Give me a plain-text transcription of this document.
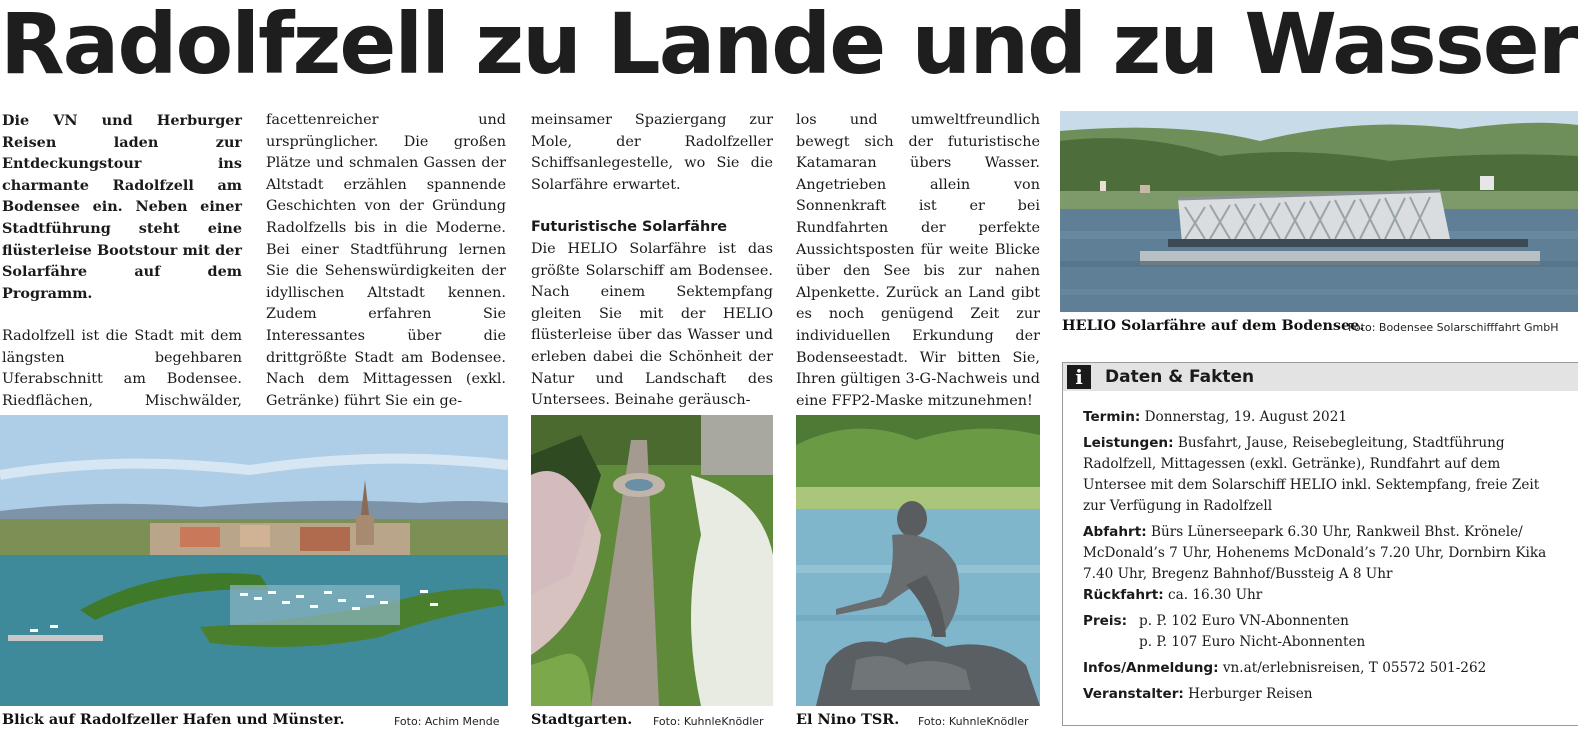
Radolfzell zu Lande und zu Wasser

Die VN und Herburger Reisen laden zur Entdeckungstour ins charmante Radolfzell am Bodensee ein. Neben einer Stadtführung steht eine flüsterleise Bootstour mit der Solarfähre auf dem Programm.

Radolfzell ist die Stadt mit dem längsten begehbaren Uferabschnitt am Bodensee. Riedflächen, Mischwälder,

facettenreicher und ursprünglicher. Die großen Plätze und schmalen Gassen der Altstadt erzählen spannende Geschichten von der Gründung Radolfzells bis in die Moderne. Bei einer Stadtführung lernen Sie die Sehenswürdigkeiten der idyllischen Altstadt kennen. Zudem erfahren Sie Interessantes über die drittgrößte Stadt am Bodensee. Nach dem Mittagessen (exkl. Getränke) führt Sie ein ge-

meinsamer Spaziergang zur Mole, der Radolfzeller Schiffsanlegestelle, wo Sie die Solarfähre erwartet.

Futuristische Solarfähre

Die HELIO Solarfähre ist das größte Solarschiff am Bodensee. Nach einem Sektempfang gleiten Sie mit der HELIO flüsterleise über das Wasser und erleben dabei die Schönheit der Natur und Landschaft des Untersees. Beinahe geräusch-

los und umweltfreundlich bewegt sich der futuristische Katamaran übers Wasser. Angetrieben allein von Sonnenkraft ist er bei Rundfahrten der perfekte Aussichtsposten für weite Blicke über den See bis zur nahen Alpenkette. Zurück an Land gibt es noch genügend Zeit zur individuellen Erkundung der Bodenseestadt. Wir bitten Sie, Ihren gültigen 3-G-Nachweis und eine FFP2-Maske mitzunehmen!

HELIO Solarfähre auf dem Bodensee.
Foto: Bodensee Solarschifffahrt GmbH
Blick auf Radolfzeller Hafen und Münster.	Foto: Achim Mende Stadtgarten. Foto: KuhnleKnödler El Nino TSR. Foto: KuhnleKnödler
i	Daten & Fakten

Termin: Donnerstag, 19. August 2021

Leistungen: Busfahrt, Jause, Reisebegleitung, Stadtführung Radolfzell, Mittagessen (exkl. Getränke), Rundfahrt auf dem Untersee mit dem Solarschiff HELIO inkl. Sektempfang, freie Zeit zur Verfügung in Radolfzell

Abfahrt: Bürs Lünerseepark 6.30 Uhr, Rankweil Bhst. Krönele/ McDonald’s 7 Uhr, Hohenems McDonald’s 7.20 Uhr, Dornbirn Kika 7.40 Uhr, Bregenz Bahnhof/Bussteig A 8 Uhr

Rückfahrt: ca. 16.30 Uhr

Preis: p. P. 102 Euro VN-Abonnenten
p. P. 107 Euro Nicht-Abonnenten

Infos/Anmeldung: vn.at/erlebnisreisen, T 05572 501-262

Veranstalter: Herburger Reisen
